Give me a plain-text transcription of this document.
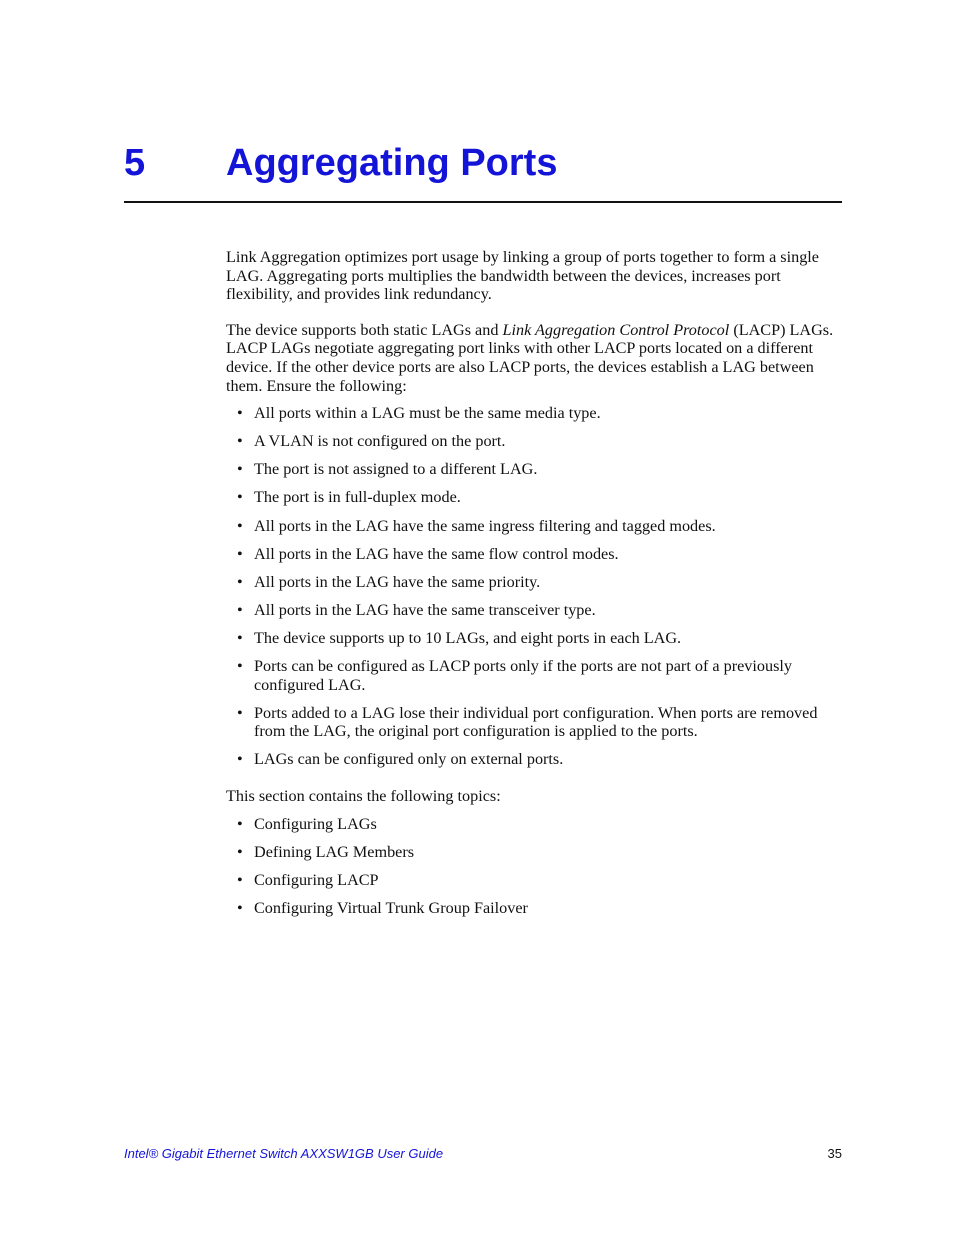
5 Aggregating Ports

Link Aggregation optimizes port usage by linking a group of ports together to form a single LAG. Aggregating ports multiplies the bandwidth between the devices, increases port flexibility, and provides link redundancy.

The device supports both static LAGs and Link Aggregation Control Protocol (LACP) LAGs. LACP LAGs negotiate aggregating port links with other LACP ports located on a different device. If the other device ports are also LACP ports, the devices establish a LAG between them. Ensure the following:

• All ports within a LAG must be the same media type.
• A VLAN is not configured on the port.
• The port is not assigned to a different LAG.
• The port is in full-duplex mode.
• All ports in the LAG have the same ingress filtering and tagged modes.
• All ports in the LAG have the same flow control modes.
• All ports in the LAG have the same priority.
• All ports in the LAG have the same transceiver type.
• The device supports up to 10 LAGs, and eight ports in each LAG.
• Ports can be configured as LACP ports only if the ports are not part of a previously configured LAG.
• Ports added to a LAG lose their individual port configuration. When ports are removed from the LAG, the original port configuration is applied to the ports.
• LAGs can be configured only on external ports.

This section contains the following topics:

• Configuring LAGs
• Defining LAG Members
• Configuring LACP
• Configuring Virtual Trunk Group Failover
Intel® Gigabit Ethernet Switch AXXSW1GB User Guide	35
